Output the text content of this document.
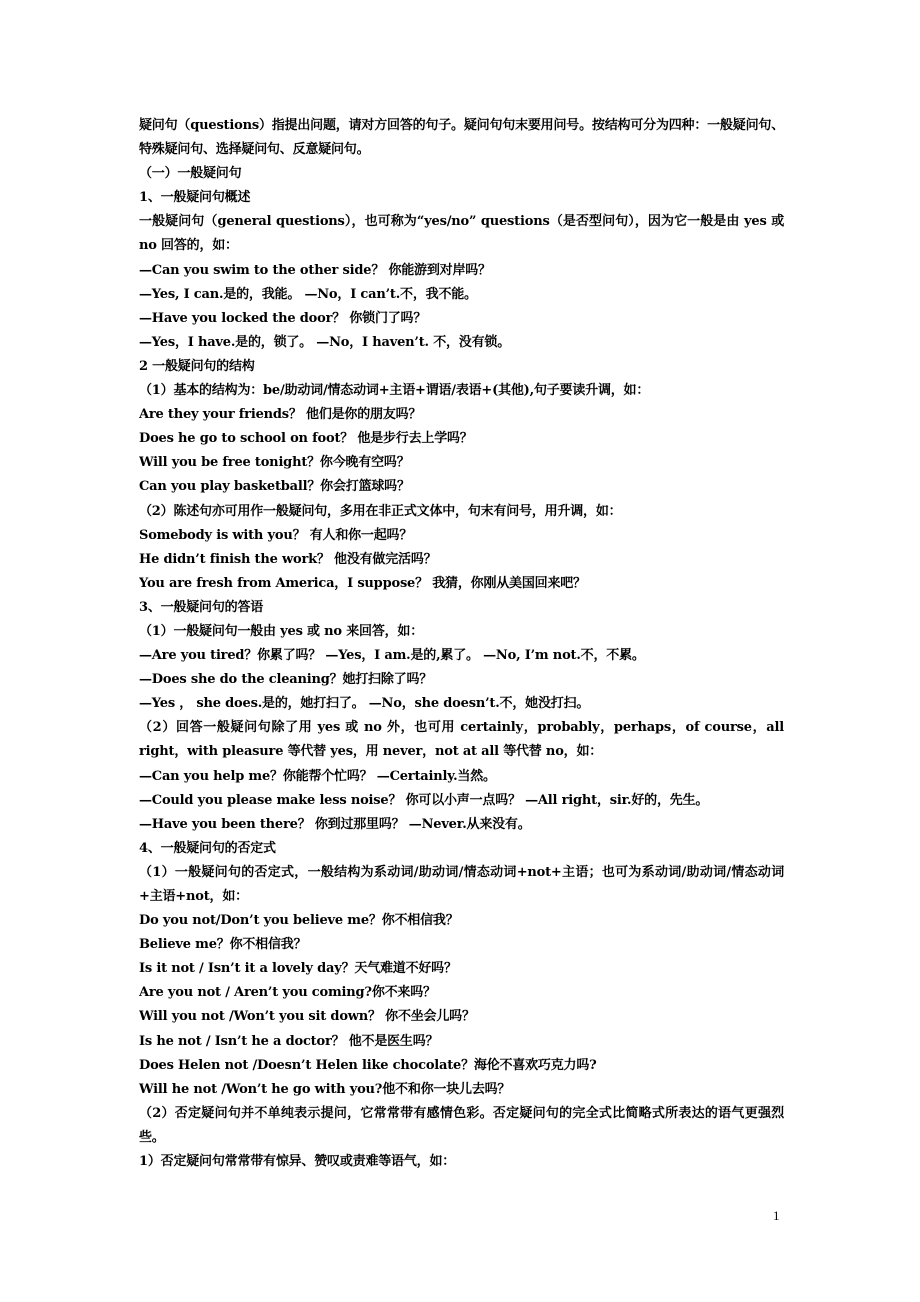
疑问句（questions）指提出问题，请对方回答的句子。疑问句句末要用问号。按结构可分为四种：一般疑问句、特殊疑问句、选择疑问句、反意疑问句。
（一）一般疑问句
1、一般疑问句概述
一般疑问句（general questions），也可称为“yes/no” questions（是否型问句），因为它一般是由 yes 或 no 回答的，如：
—Can you swim to the other side？ 你能游到对岸吗？
—Yes, I can.是的，我能。 —No，I can’t.不，我不能。
—Have you locked the door？ 你锁门了吗？
—Yes，I have.是的，锁了。 —No，I haven’t. 不，没有锁。
2 一般疑问句的结构
（1）基本的结构为：be/助动词/情态动词+主语+谓语/表语+(其他),句子要读升调，如：
Are they your friends？ 他们是你的朋友吗？
Does he go to school on foot？ 他是步行去上学吗？
Will you be free tonight？你今晚有空吗？
Can you play basketball？你会打篮球吗？
（2）陈述句亦可用作一般疑问句，多用在非正式文体中，句末有问号，用升调，如：
Somebody is with you？ 有人和你一起吗？
He didn’t finish the work？ 他没有做完活吗？
You are fresh from America，I suppose？ 我猜，你刚从美国回来吧？
3、一般疑问句的答语
（1）一般疑问句一般由 yes 或 no 来回答，如：
—Are you tired？你累了吗？ —Yes，I am.是的,累了。 —No, I’m not.不，不累。
—Does she do the cleaning？她打扫除了吗？
—Yes ， she does.是的，她打扫了。 —No，she doesn’t.不，她没打扫。
（2）回答一般疑问句除了用 yes 或 no 外，也可用 certainly，probably，perhaps，of course，all right，with pleasure 等代替 yes，用 never，not at all 等代替 no，如：
—Can you help me？你能帮个忙吗？ —Certainly.当然。
—Could you please make less noise？ 你可以小声一点吗？ —All right，sir.好的，先生。
—Have you been there？ 你到过那里吗？ —Never.从来没有。
4、一般疑问句的否定式
（1）一般疑问句的否定式，一般结构为系动词/助动词/情态动词+not+主语；也可为系动词/助动词/情态动词+主语+not，如：
Do you not/Don’t you believe me？你不相信我？
Believe me？你不相信我？
Is it not / Isn’t it a lovely day？天气难道不好吗？
Are you not / Aren’t you coming?你不来吗？
Will you not /Won’t you sit down？ 你不坐会儿吗？
Is he not / Isn’t he a doctor？ 他不是医生吗？
Does Helen not /Doesn’t Helen like chocolate？海伦不喜欢巧克力吗?
Will he not /Won’t he go with you?他不和你一块儿去吗？
（2）否定疑问句并不单纯表示提问，它常常带有感情色彩。否定疑问句的完全式比简略式所表达的语气更强烈些。
1）否定疑问句常常带有惊异、赞叹或责难等语气，如：
1
